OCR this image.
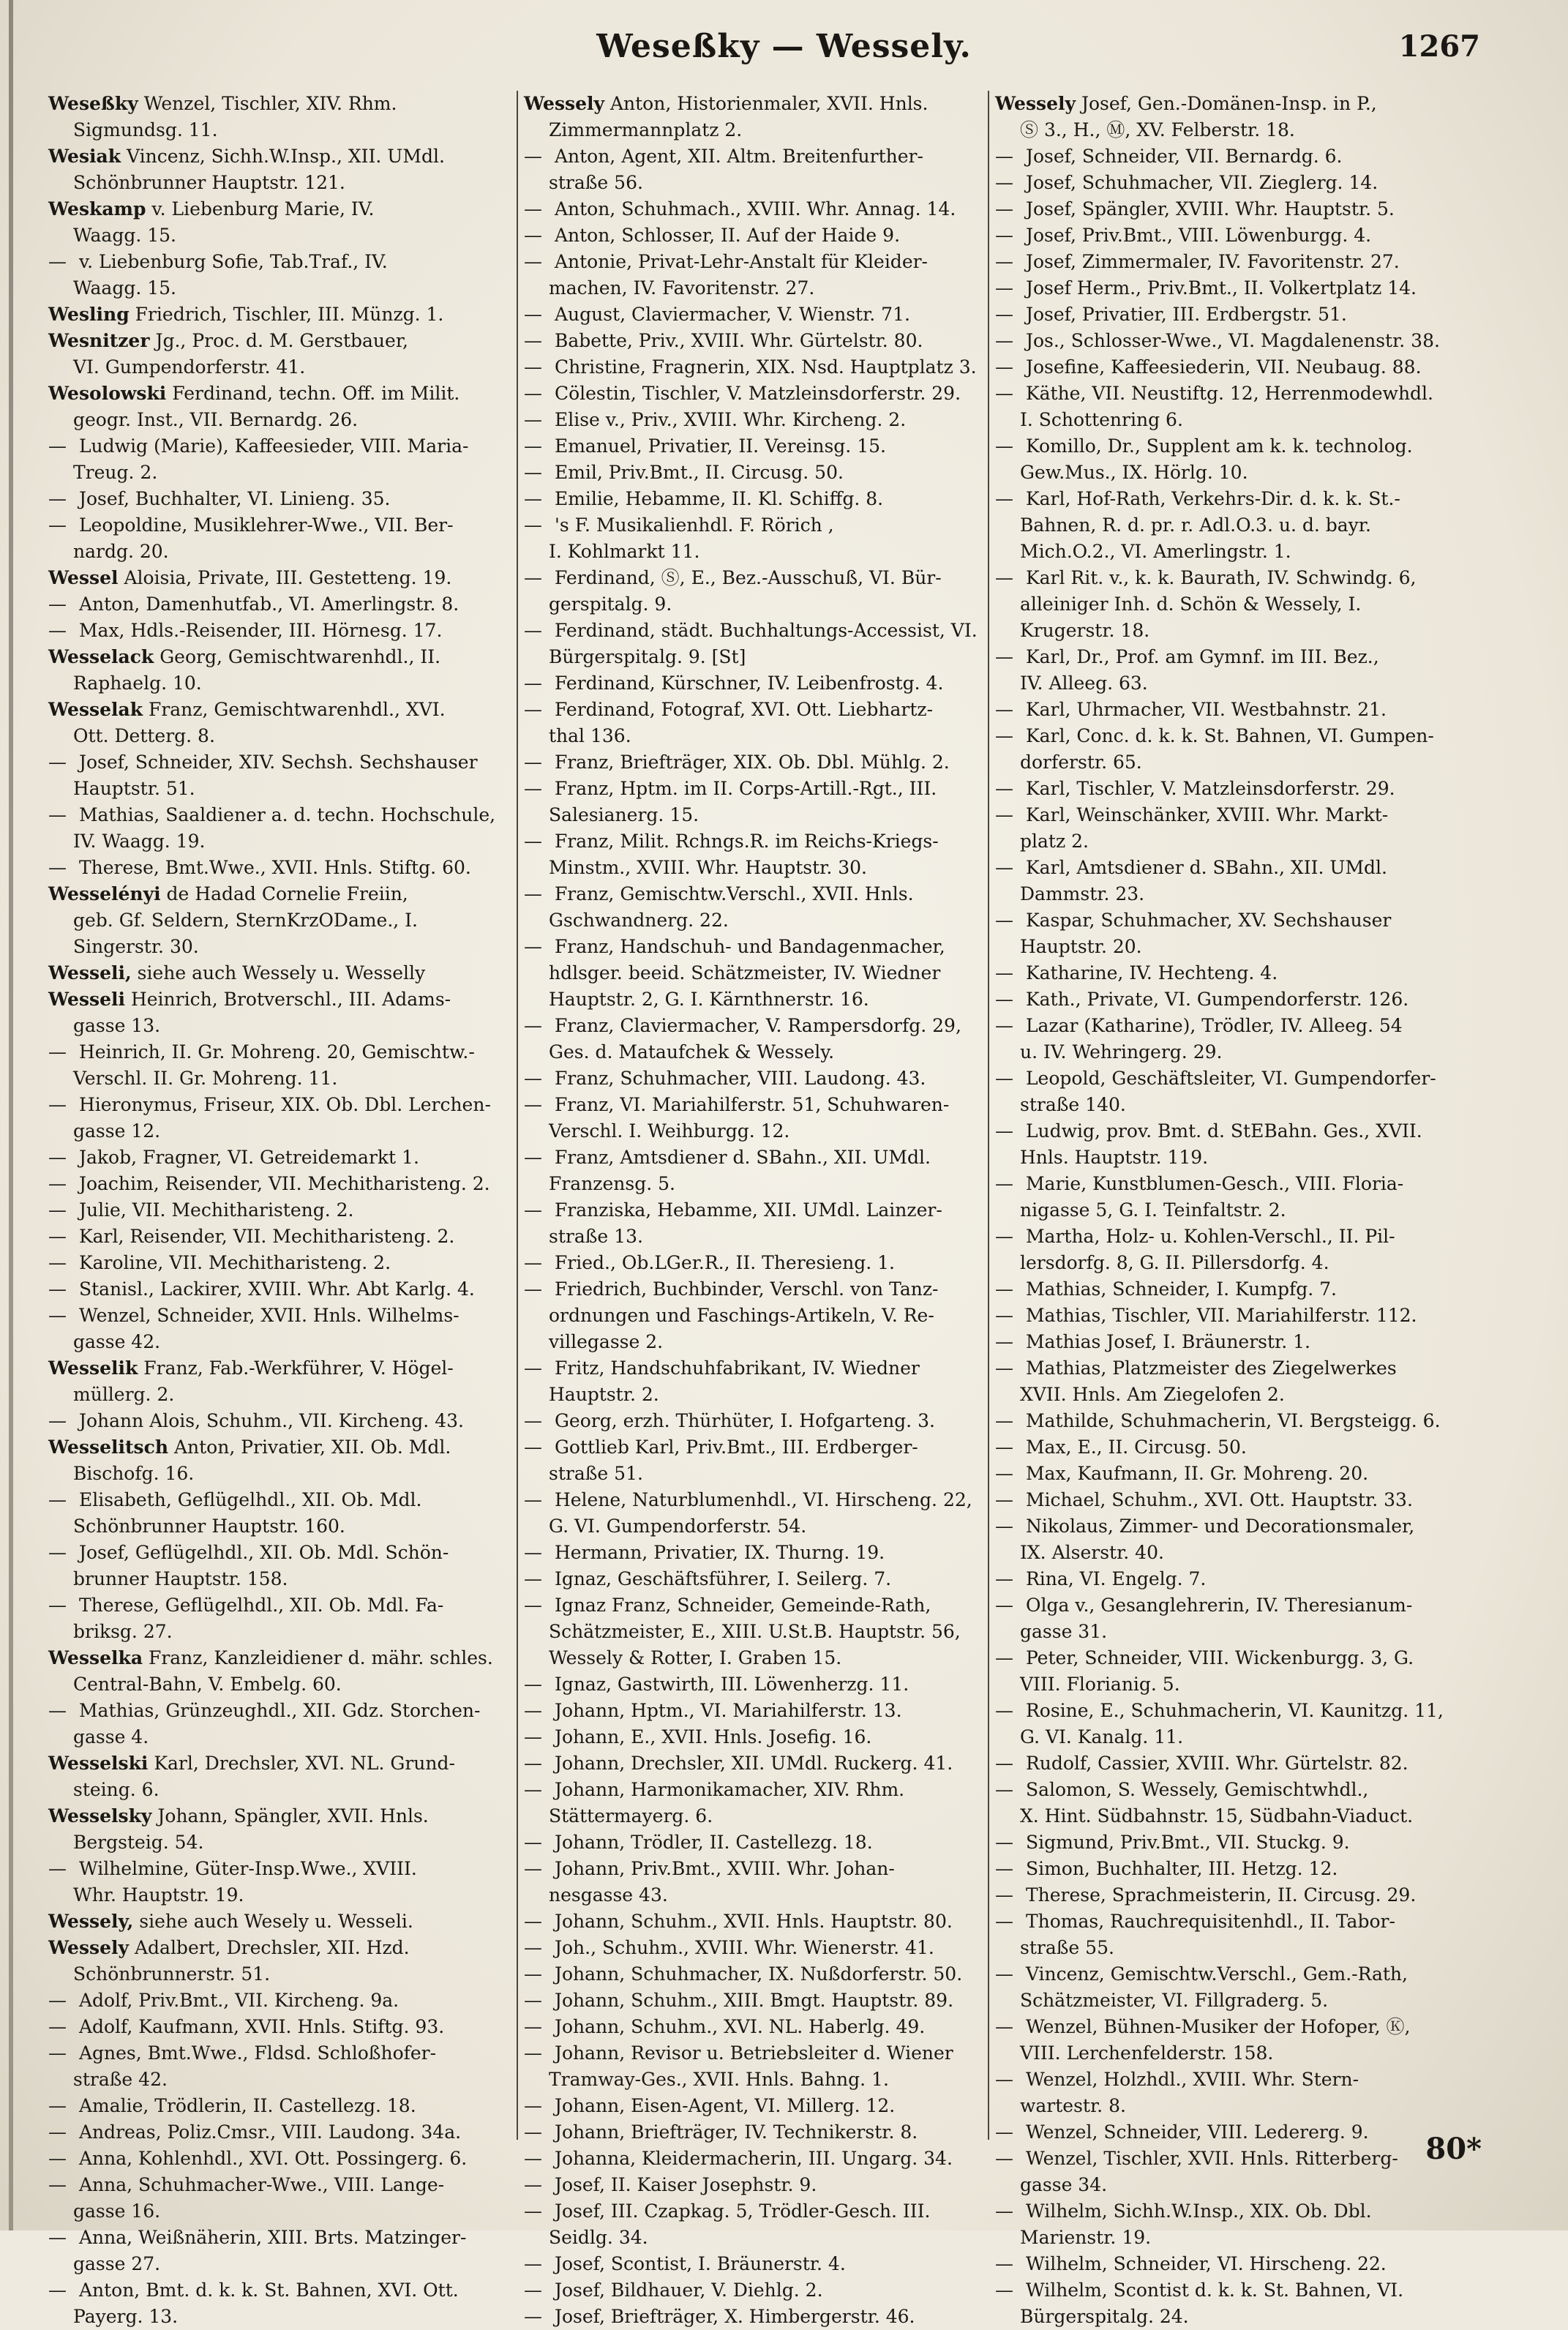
Weseßky — Wessely.	1267
Weseßky Wenzel, Tischler, XIV. Rhm.
Sigmundsg. 11.
Wesiak Vincenz, Sichh.W.Insp., XII. UMdl.
Schönbrunner Hauptstr. 121.
Weskamp v. Liebenburg Marie, IV.
Waagg. 15.
— v. Liebenburg Sofie, Tab.Traf., IV.
Waagg. 15.
Wesling Friedrich, Tischler, III. Münzg. 1.
Wesnitzer Jg., Proc. d. M. Gerstbauer,
VI. Gumpendorferstr. 41.
Wesolowski Ferdinand, techn. Off. im Milit.
geogr. Inst., VII. Bernardg. 26.
— Ludwig (Marie), Kaffeesieder, VIII. Maria-
Treug. 2.
— Josef, Buchhalter, VI. Linieng. 35.
— Leopoldine, Musiklehrer-Wwe., VII. Ber-
nardg. 20.
Wessel Aloisia, Private, III. Gestetteng. 19.
— Anton, Damenhutfab., VI. Amerlingstr. 8.
— Max, Hdls.-Reisender, III. Hörnesg. 17.
Wesselack Georg, Gemischtwarenhdl., II.
Raphaelg. 10.
Wesselak Franz, Gemischtwarenhdl., XVI.
Ott. Detterg. 8.
— Josef, Schneider, XIV. Sechsh. Sechshauser
Hauptstr. 51.
— Mathias, Saaldiener a. d. techn. Hochschule,
IV. Waagg. 19.
— Therese, Bmt.Wwe., XVII. Hnls. Stiftg. 60.
Wesselényi de Hadad Cornelie Freiin,
geb. Gf. Seldern, SternKrzODame., I.
Singerstr. 30.
Wesseli, siehe auch Wessely u. Wesselly
Wesseli Heinrich, Brotverschl., III. Adams-
gasse 13.
— Heinrich, II. Gr. Mohreng. 20, Gemischtw.-
Verschl. II. Gr. Mohreng. 11.
— Hieronymus, Friseur, XIX. Ob. Dbl. Lerchen-
gasse 12.
— Jakob, Fragner, VI. Getreidemarkt 1.
— Joachim, Reisender, VII. Mechitharisteng. 2.
— Julie, VII. Mechitharisteng. 2.
— Karl, Reisender, VII. Mechitharisteng. 2.
— Karoline, VII. Mechitharisteng. 2.
— Stanisl., Lackirer, XVIII. Whr. Abt Karlg. 4.
— Wenzel, Schneider, XVII. Hnls. Wilhelms-
gasse 42.
Wesselik Franz, Fab.-Werkführer, V. Högel-
müllerg. 2.
— Johann Alois, Schuhm., VII. Kircheng. 43.
Wesselitsch Anton, Privatier, XII. Ob. Mdl.
Bischofg. 16.
— Elisabeth, Geflügelhdl., XII. Ob. Mdl.
Schönbrunner Hauptstr. 160.
— Josef, Geflügelhdl., XII. Ob. Mdl. Schön-
brunner Hauptstr. 158.
— Therese, Geflügelhdl., XII. Ob. Mdl. Fa-
briksg. 27.
Wesselka Franz, Kanzleidiener d. mähr. schles.
Central-Bahn, V. Embelg. 60.
— Mathias, Grünzeughdl., XII. Gdz. Storchen-
gasse 4.
Wesselski Karl, Drechsler, XVI. NL. Grund-
steing. 6.
Wesselsky Johann, Spängler, XVII. Hnls.
Bergsteig. 54.
— Wilhelmine, Güter-Insp.Wwe., XVIII.
Whr. Hauptstr. 19.
Wessely, siehe auch Wesely u. Wesseli.
Wessely Adalbert, Drechsler, XII. Hzd.
Schönbrunnerstr. 51.
— Adolf, Priv.Bmt., VII. Kircheng. 9a.
— Adolf, Kaufmann, XVII. Hnls. Stiftg. 93.
— Agnes, Bmt.Wwe., Fldsd. Schloßhofer-
straße 42.
— Amalie, Trödlerin, II. Castellezg. 18.
— Andreas, Poliz.Cmsr., VIII. Laudong. 34a.
— Anna, Kohlenhdl., XVI. Ott. Possingerg. 6.
— Anna, Schuhmacher-Wwe., VIII. Lange-
gasse 16.
— Anna, Weißnäherin, XIII. Brts. Matzinger-
gasse 27.
— Anton, Bmt. d. k. k. St. Bahnen, XVI. Ott.
Payerg. 13.
Wessely Anton, Historienmaler, XVII. Hnls.
Zimmermannplatz 2.
— Anton, Agent, XII. Altm. Breitenfurther-
straße 56.
— Anton, Schuhmach., XVIII. Whr. Annag. 14.
— Anton, Schlosser, II. Auf der Haide 9.
— Antonie, Privat-Lehr-Anstalt für Kleider-
machen, IV. Favoritenstr. 27.
— August, Claviermacher, V. Wienstr. 71.
— Babette, Priv., XVIII. Whr. Gürtelstr. 80.
— Christine, Fragnerin, XIX. Nsd. Hauptplatz 3.
— Cölestin, Tischler, V. Matzleinsdorferstr. 29.
— Elise v., Priv., XVIII. Whr. Kircheng. 2.
— Emanuel, Privatier, II. Vereinsg. 15.
— Emil, Priv.Bmt., II. Circusg. 50.
— Emilie, Hebamme, II. Kl. Schiffg. 8.
— 's F. Musikalienhdl. F. Rörich ,
I. Kohlmarkt 11.
— Ferdinand, Ⓢ, E., Bez.-Ausschuß, VI. Bür-
gerspitalg. 9.
— Ferdinand, städt. Buchhaltungs-Accessist, VI.
Bürgerspitalg. 9. [St]
— Ferdinand, Kürschner, IV. Leibenfrostg. 4.
— Ferdinand, Fotograf, XVI. Ott. Liebhartz-
thal 136.
— Franz, Briefträger, XIX. Ob. Dbl. Mühlg. 2.
— Franz, Hptm. im II. Corps-Artill.-Rgt., III.
Salesianerg. 15.
— Franz, Milit. Rchngs.R. im Reichs-Kriegs-
Minstm., XVIII. Whr. Hauptstr. 30.
— Franz, Gemischtw.Verschl., XVII. Hnls.
Gschwandnerg. 22.
— Franz, Handschuh- und Bandagenmacher,
hdlsger. beeid. Schätzmeister, IV. Wiedner
Hauptstr. 2, G. I. Kärnthnerstr. 16.
— Franz, Claviermacher, V. Rampersdorfg. 29,
Ges. d. Mataufchek & Wessely.
— Franz, Schuhmacher, VIII. Laudong. 43.
— Franz, VI. Mariahilferstr. 51, Schuhwaren-
Verschl. I. Weihburgg. 12.
— Franz, Amtsdiener d. SBahn., XII. UMdl.
Franzensg. 5.
— Franziska, Hebamme, XII. UMdl. Lainzer-
straße 13.
— Fried., Ob.LGer.R., II. Theresieng. 1.
— Friedrich, Buchbinder, Verschl. von Tanz-
ordnungen und Faschings-Artikeln, V. Re-
villegasse 2.
— Fritz, Handschuhfabrikant, IV. Wiedner
Hauptstr. 2.
— Georg, erzh. Thürhüter, I. Hofgarteng. 3.
— Gottlieb Karl, Priv.Bmt., III. Erdberger-
straße 51.
— Helene, Naturblumenhdl., VI. Hirscheng. 22,
G. VI. Gumpendorferstr. 54.
— Hermann, Privatier, IX. Thurng. 19.
— Ignaz, Geschäftsführer, I. Seilerg. 7.
— Ignaz Franz, Schneider, Gemeinde-Rath,
Schätzmeister, E., XIII. U.St.B. Hauptstr. 56,
Wessely & Rotter, I. Graben 15.
— Ignaz, Gastwirth, III. Löwenherzg. 11.
— Johann, Hptm., VI. Mariahilferstr. 13.
— Johann, E., XVII. Hnls. Josefig. 16.
— Johann, Drechsler, XII. UMdl. Ruckerg. 41.
— Johann, Harmonikamacher, XIV. Rhm.
Stättermayerg. 6.
— Johann, Trödler, II. Castellezg. 18.
— Johann, Priv.Bmt., XVIII. Whr. Johan-
nesgasse 43.
— Johann, Schuhm., XVII. Hnls. Hauptstr. 80.
— Joh., Schuhm., XVIII. Whr. Wienerstr. 41.
— Johann, Schuhmacher, IX. Nußdorferstr. 50.
— Johann, Schuhm., XIII. Bmgt. Hauptstr. 89.
— Johann, Schuhm., XVI. NL. Haberlg. 49.
— Johann, Revisor u. Betriebsleiter d. Wiener
Tramway-Ges., XVII. Hnls. Bahng. 1.
— Johann, Eisen-Agent, VI. Millerg. 12.
— Johann, Briefträger, IV. Technikerstr. 8.
— Johanna, Kleidermacherin, III. Ungarg. 34.
— Josef, II. Kaiser Josephstr. 9.
— Josef, III. Czapkag. 5, Trödler-Gesch. III.
Seidlg. 34.
— Josef, Scontist, I. Bräunerstr. 4.
— Josef, Bildhauer, V. Diehlg. 2.
— Josef, Briefträger, X. Himbergerstr. 46.
Wessely Josef, Gen.-Domänen-Insp. in P.,
Ⓢ 3., H., Ⓜ, XV. Felberstr. 18.
— Josef, Schneider, VII. Bernardg. 6.
— Josef, Schuhmacher, VII. Zieglerg. 14.
— Josef, Spängler, XVIII. Whr. Hauptstr. 5.
— Josef, Priv.Bmt., VIII. Löwenburgg. 4.
— Josef, Zimmermaler, IV. Favoritenstr. 27.
— Josef Herm., Priv.Bmt., II. Volkertplatz 14.
— Josef, Privatier, III. Erdbergstr. 51.
— Jos., Schlosser-Wwe., VI. Magdalenenstr. 38.
— Josefine, Kaffeesiederin, VII. Neubaug. 88.
— Käthe, VII. Neustiftg. 12, Herrenmodewhdl.
I. Schottenring 6.
— Komillo, Dr., Supplent am k. k. technolog.
Gew.Mus., IX. Hörlg. 10.
— Karl, Hof-Rath, Verkehrs-Dir. d. k. k. St.-
Bahnen, R. d. pr. r. Adl.O.3. u. d. bayr.
Mich.O.2., VI. Amerlingstr. 1.
— Karl Rit. v., k. k. Baurath, IV. Schwindg. 6,
alleiniger Inh. d. Schön & Wessely, I.
Krugerstr. 18.
— Karl, Dr., Prof. am Gymnf. im III. Bez.,
IV. Alleeg. 63.
— Karl, Uhrmacher, VII. Westbahnstr. 21.
— Karl, Conc. d. k. k. St. Bahnen, VI. Gumpen-
dorferstr. 65.
— Karl, Tischler, V. Matzleinsdorferstr. 29.
— Karl, Weinschänker, XVIII. Whr. Markt-
platz 2.
— Karl, Amtsdiener d. SBahn., XII. UMdl.
Dammstr. 23.
— Kaspar, Schuhmacher, XV. Sechshauser
Hauptstr. 20.
— Katharine, IV. Hechteng. 4.
— Kath., Private, VI. Gumpendorferstr. 126.
— Lazar (Katharine), Trödler, IV. Alleeg. 54
u. IV. Wehringerg. 29.
— Leopold, Geschäftsleiter, VI. Gumpendorfer-
straße 140.
— Ludwig, prov. Bmt. d. StEBahn. Ges., XVII.
Hnls. Hauptstr. 119.
— Marie, Kunstblumen-Gesch., VIII. Floria-
nigasse 5, G. I. Teinfaltstr. 2.
— Martha, Holz- u. Kohlen-Verschl., II. Pil-
lersdorfg. 8, G. II. Pillersdorfg. 4.
— Mathias, Schneider, I. Kumpfg. 7.
— Mathias, Tischler, VII. Mariahilferstr. 112.
— Mathias Josef, I. Bräunerstr. 1.
— Mathias, Platzmeister des Ziegelwerkes
XVII. Hnls. Am Ziegelofen 2.
— Mathilde, Schuhmacherin, VI. Bergsteigg. 6.
— Max, E., II. Circusg. 50.
— Max, Kaufmann, II. Gr. Mohreng. 20.
— Michael, Schuhm., XVI. Ott. Hauptstr. 33.
— Nikolaus, Zimmer- und Decorationsmaler,
IX. Alserstr. 40.
— Rina, VI. Engelg. 7.
— Olga v., Gesanglehrerin, IV. Theresianum-
gasse 31.
— Peter, Schneider, VIII. Wickenburgg. 3, G.
VIII. Florianig. 5.
— Rosine, E., Schuhmacherin, VI. Kaunitzg. 11,
G. VI. Kanalg. 11.
— Rudolf, Cassier, XVIII. Whr. Gürtelstr. 82.
— Salomon, S. Wessely, Gemischtwhdl.,
X. Hint. Südbahnstr. 15, Südbahn-Viaduct.
— Sigmund, Priv.Bmt., VII. Stuckg. 9.
— Simon, Buchhalter, III. Hetzg. 12.
— Therese, Sprachmeisterin, II. Circusg. 29.
— Thomas, Rauchrequisitenhdl., II. Tabor-
straße 55.
— Vincenz, Gemischtw.Verschl., Gem.-Rath,
Schätzmeister, VI. Fillgraderg. 5.
— Wenzel, Bühnen-Musiker der Hofoper, Ⓚ,
VIII. Lerchenfelderstr. 158.
— Wenzel, Holzhdl., XVIII. Whr. Stern-
wartestr. 8.
— Wenzel, Schneider, VIII. Ledererg. 9.
— Wenzel, Tischler, XVII. Hnls. Ritterberg-
gasse 34.
— Wilhelm, Sichh.W.Insp., XIX. Ob. Dbl.
Marienstr. 19.
— Wilhelm, Schneider, VI. Hirscheng. 22.
— Wilhelm, Scontist d. k. k. St. Bahnen, VI.
Bürgerspitalg. 24.
80*
